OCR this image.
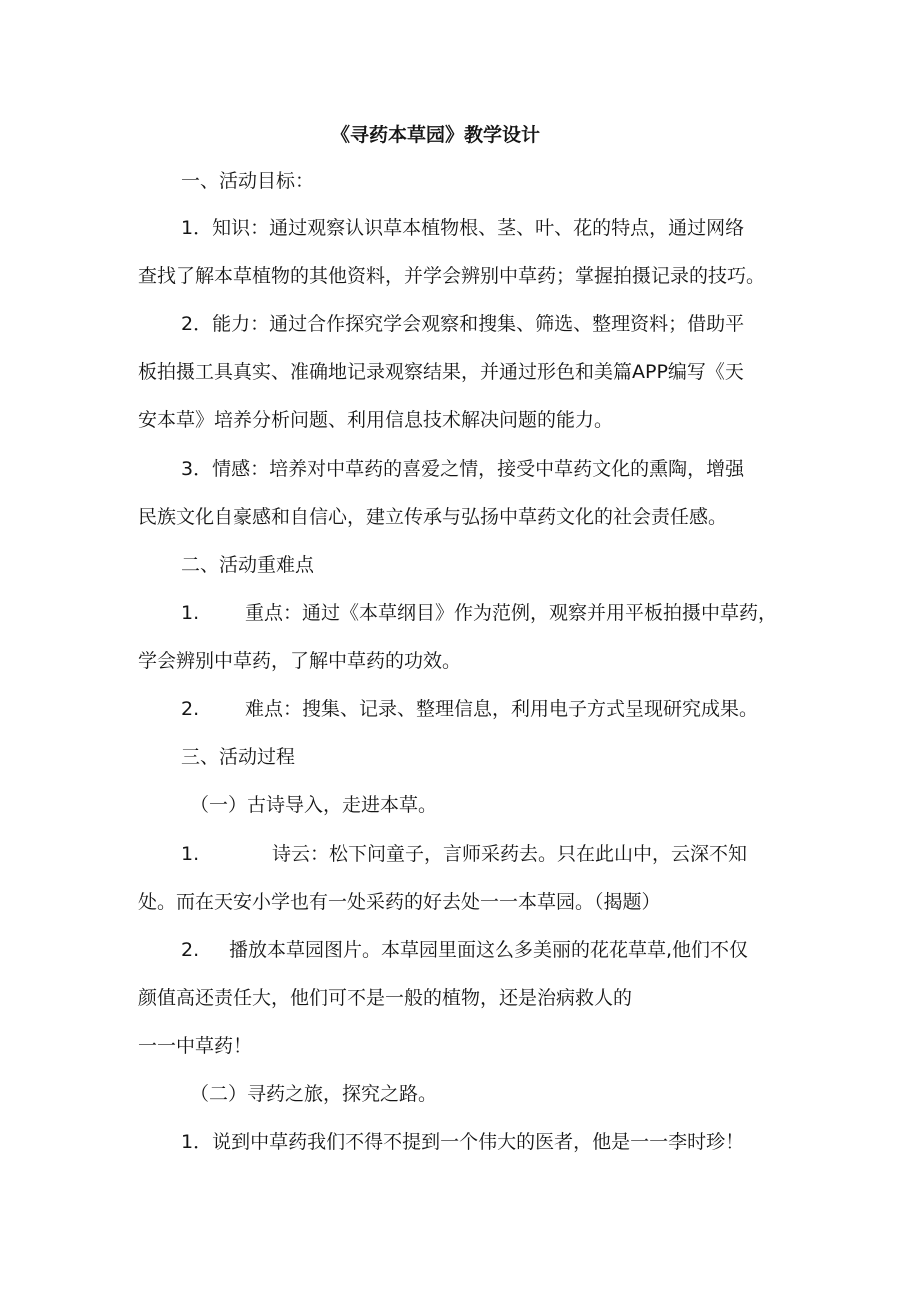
《寻药本草园》教学设计
一、活动目标：
1．知识：通过观察认识草本植物根、茎、叶、花的特点，通过网络
查找了解本草植物的其他资料，并学会辨别中草药；掌握拍摄记录的技巧。
2．能力：通过合作探究学会观察和搜集、筛选、整理资料；借助平
板拍摄工具真实、准确地记录观察结果，并通过形色和美篇APP编写《天
安本草》培养分析问题、利用信息技术解决问题的能力。
3．情感：培养对中草药的喜爱之情，接受中草药文化的熏陶，增强
民族文化自豪感和自信心，建立传承与弘扬中草药文化的社会责任感。
二、活动重难点
1. 重点：通过《本草纲目》作为范例，观察并用平板拍摄中草药，
学会辨别中草药，了解中草药的功效。
2. 难点：搜集、记录、整理信息，利用电子方式呈现研究成果。
三、活动过程
（一）古诗导入，走进本草。
1.	诗云：松下问童子，言师采药去。只在此山中，云深不知
处。而在天安小学也有一处采药的好去处一一本草园。（揭题）
2. 播放本草园图片。本草园里面这么多美丽的花花草草,他们不仅
颜值高还责任大，他们可不是一般的植物，还是治病救人的
一一中草药！
（二）寻药之旅，探究之路。
1．说到中草药我们不得不提到一个伟大的医者，他是一一李时珍！
